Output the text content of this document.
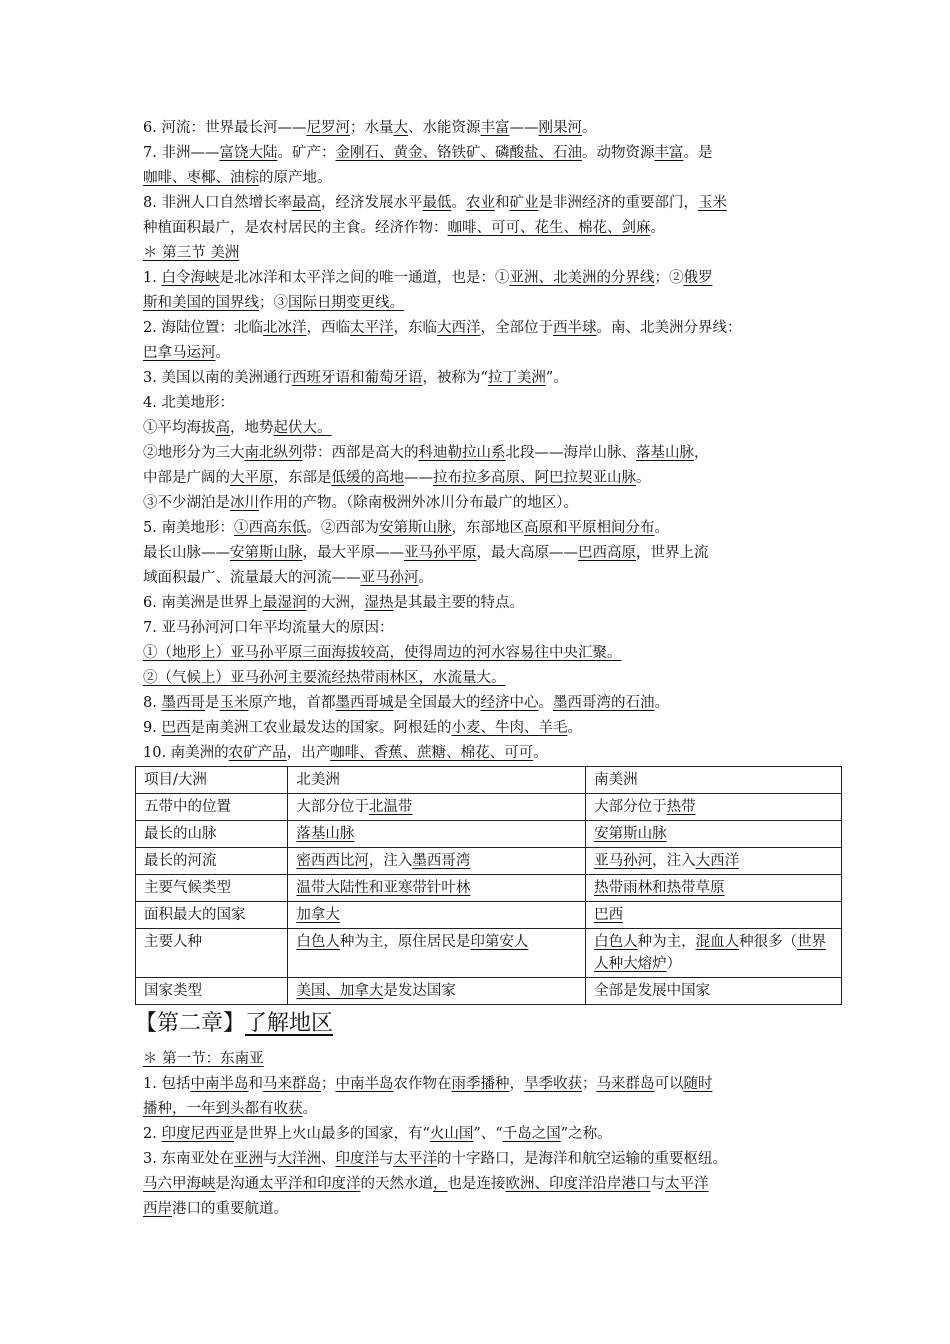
6. 河流：世界最长河——尼罗河；水量大、水能资源丰富——刚果河。
7. 非洲——富饶大陆。矿产：金刚石、黄金、铬铁矿、磷酸盐、石油。动物资源丰富。是
咖啡、枣椰、油棕的原产地。
8. 非洲人口自然增长率最高，经济发展水平最低。农业和矿业是非洲经济的重要部门，玉米
种植面积最广，是农村居民的主食。经济作物：咖啡、可可、花生、棉花、剑麻。
＊ 第三节 美洲
1. 白令海峡是北冰洋和太平洋之间的唯一通道，也是：①亚洲、北美洲的分界线；②俄罗
斯和美国的国界线；③国际日期变更线。
2. 海陆位置：北临北冰洋，西临太平洋，东临大西洋，全部位于西半球。南、北美洲分界线：
巴拿马运河。
3. 美国以南的美洲通行西班牙语和葡萄牙语，被称为“拉丁美洲”。
4. 北美地形：
①平均海拔高，地势起伏大。
②地形分为三大南北纵列带：西部是高大的科迪勒拉山系北段——海岸山脉、落基山脉，
中部是广阔的大平原，东部是低缓的高地——拉布拉多高原、阿巴拉契亚山脉。
③不少湖泊是冰川作用的产物。（除南极洲外冰川分布最广的地区）。
5. 南美地形：①西高东低。②西部为安第斯山脉，东部地区高原和平原相间分布。
最长山脉——安第斯山脉，最大平原——亚马孙平原，最大高原——巴西高原，世界上流
域面积最广、流量最大的河流——亚马孙河。
6. 南美洲是世界上最湿润的大洲，湿热是其最主要的特点。
7. 亚马孙河河口年平均流量大的原因：
①（地形上）亚马孙平原三面海拔较高，使得周边的河水容易往中央汇聚。
②（气候上）亚马孙河主要流经热带雨林区，水流量大。
8. 墨西哥是玉米原产地，首都墨西哥城是全国最大的经济中心。墨西哥湾的石油。
9. 巴西是南美洲工农业最发达的国家。阿根廷的小麦、牛肉、羊毛。
10. 南美洲的农矿产品，出产咖啡、香蕉、蔗糖、棉花、可可。
项目/大洲	北美洲	南美洲
五带中的位置	大部分位于北温带	大部分位于热带
最长的山脉	落基山脉	安第斯山脉
最长的河流	密西西比河，注入墨西哥湾	亚马孙河，注入大西洋
主要气候类型	温带大陆性和亚寒带针叶林	热带雨林和热带草原
面积最大的国家	加拿大	巴西
主要人种	白色人种为主，原住居民是印第安人	白色人种为主，混血人种很多（世界人种大熔炉）
国家类型	美国、加拿大是发达国家	全部是发展中国家
【第二章】了解地区
＊ 第一节：东南亚
1. 包括中南半岛和马来群岛；中南半岛农作物在雨季播种，旱季收获；马来群岛可以随时
播种，一年到头都有收获。
2. 印度尼西亚是世界上火山最多的国家，有“火山国”、“千岛之国”之称。
3. 东南亚处在亚洲与大洋洲、印度洋与太平洋的十字路口，是海洋和航空运输的重要枢纽。
马六甲海峡是沟通太平洋和印度洋的天然水道，也是连接欧洲、印度洋沿岸港口与太平洋
西岸港口的重要航道。
